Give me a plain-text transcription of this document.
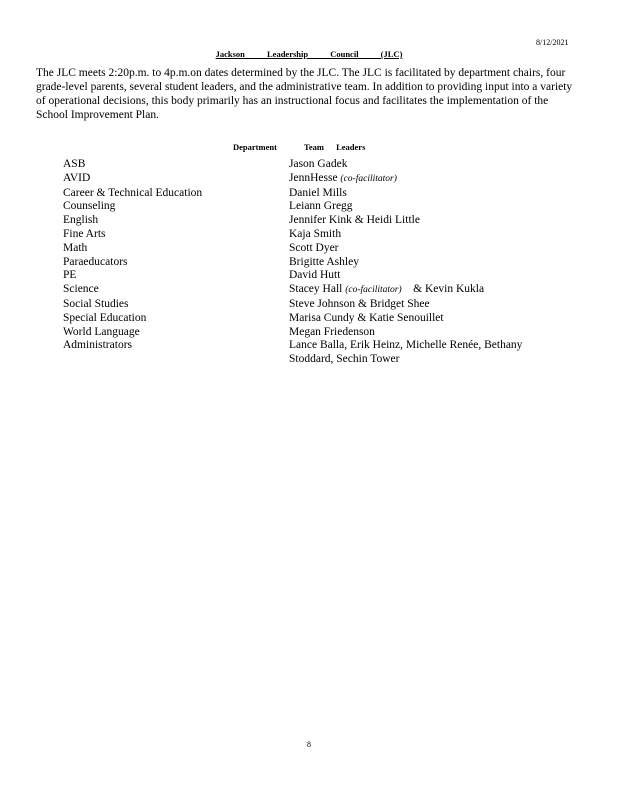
8/12/2021
Jackson Leadership Council (JLC)

The JLC meets 2:20p.m. to 4p.m.on dates determined by the JLC. The JLC is facilitated by department chairs, four grade-level parents, several student leaders, and the administrative team. In addition to providing input into a variety of operational decisions, this body primarily has an instructional focus and facilitates the implementation of the School Improvement Plan.

Department	Team Leaders
ASB	Jason Gadek
AVID	JennHesse (co-facilitator)
Career & Technical Education	Daniel Mills
Counseling	Leiann Gregg
English	Jennifer Kink & Heidi Little
Fine Arts	Kaja Smith
Math	Scott Dyer
Paraeducators	Brigitte Ashley
PE	David Hutt
Science	Stacey Hall (co-facilitator) & Kevin Kukla
Social Studies	Steve Johnson & Bridget Shee
Special Education	Marisa Cundy & Katie Senouillet
World Language	Megan Friedenson
Administrators	Lance Balla, Erik Heinz, Michelle Renée, Bethany Stoddard, Sechin Tower
8
